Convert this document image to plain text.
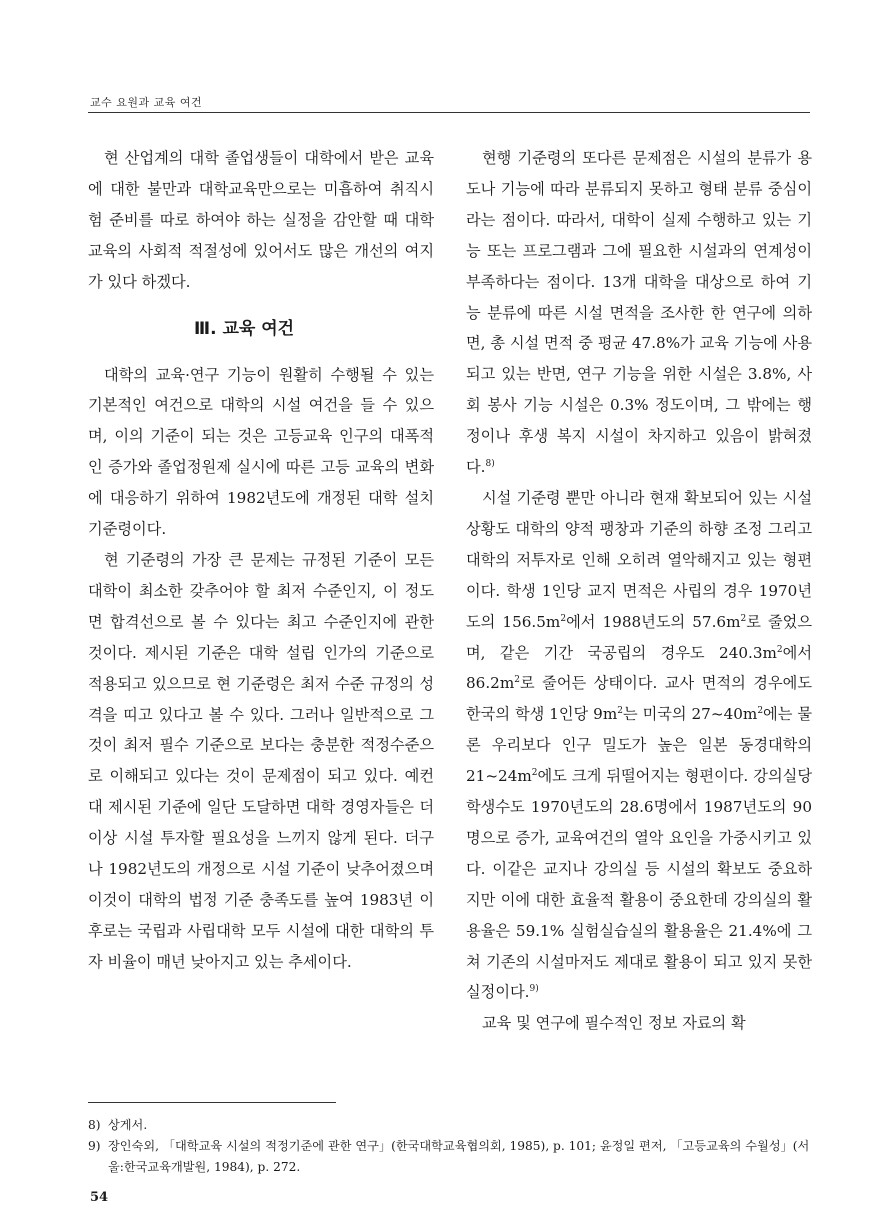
교수 요원과 교육 여건

현 산업계의 대학 졸업생들이 대학에서 받은 교육에 대한 불만과 대학교육만으로는 미흡하여 취직시험 준비를 따로 하여야 하는 실정을 감안할 때 대학교육의 사회적 적절성에 있어서도 많은 개선의 여지가 있다 하겠다.

Ⅲ. 교육 여건

대학의 교육·연구 기능이 원활히 수행될 수 있는 기본적인 여건으로 대학의 시설 여건을 들 수 있으며, 이의 기준이 되는 것은 고등교육 인구의 대폭적인 증가와 졸업정원제 실시에 따른 고등 교육의 변화에 대응하기 위하여 1982년도에 개정된 대학 설치 기준령이다.

현 기준령의 가장 큰 문제는 규정된 기준이 모든 대학이 최소한 갖추어야 할 최저 수준인지, 이 정도면 합격선으로 볼 수 있다는 최고 수준인지에 관한 것이다. 제시된 기준은 대학 설립 인가의 기준으로 적용되고 있으므로 현 기준령은 최저 수준 규정의 성격을 띠고 있다고 볼 수 있다. 그러나 일반적으로 그 것이 최저 필수 기준으로 보다는 충분한 적정수준으로 이해되고 있다는 것이 문제점이 되고 있다. 예컨대 제시된 기준에 일단 도달하면 대학 경영자들은 더 이상 시설 투자할 필요성을 느끼지 않게 된다. 더구나 1982년도의 개정으로 시설 기준이 낮추어졌으며 이것이 대학의 법정 기준 충족도를 높여 1983년 이후로는 국립과 사립대학 모두 시설에 대한 대학의 투자 비율이 매년 낮아지고 있는 추세이다.

현행 기준령의 또다른 문제점은 시설의 분류가 용도나 기능에 따라 분류되지 못하고 형태 분류 중심이라는 점이다. 따라서, 대학이 실제 수행하고 있는 기능 또는 프로그램과 그에 필요한 시설과의 연계성이 부족하다는 점이다. 13개 대학을 대상으로 하여 기능 분류에 따른 시설 면적을 조사한 한 연구에 의하면, 총 시설 면적 중 평균 47.8%가 교육 기능에 사용되고 있는 반면, 연구 기능을 위한 시설은 3.8%, 사회 봉사 기능 시설은 0.3% 정도이며, 그 밖에는 행정이나 후생 복지 시설이 차지하고 있음이 밝혀졌다.$^{8)}$

시설 기준령 뿐만 아니라 현재 확보되어 있는 시설 상황도 대학의 양적 팽창과 기준의 하향 조정 그리고 대학의 저투자로 인해 오히려 열악해지고 있는 형편이다. 학생 1인당 교지 면적은 사립의 경우 1970년도의 $156.5m^2$에서 1988년도의 $57.6m^2$로 줄었으며, 같은 기간 국공립의 경우도 $240.3m^2$에서 $86.2m^2$로 줄어든 상태이다. 교사 면적의 경우에도 한국의 학생 1인당 $9m^2$는 미국의 $27\sim 40m^2$에는 물론 우리보다 인구 밀도가 높은 일본 동경대학의 $21\sim 24m^2$에도 크게 뒤떨어지는 형편이다. 강의실당 학생수도 1970년도의 28.6명에서 1987년도의 90명으로 증가, 교육여건의 열악 요인을 가중시키고 있다. 이같은 교지나 강의실 등 시설의 확보도 중요하지만 이에 대한 효율적 활용이 중요한데 강의실의 활용율은 59.1% 실험실습실의 활용율은 21.4%에 그쳐 기존의 시설마저도 제대로 활용이 되고 있지 못한 실정이다.$^{9)}$

교육 및 연구에 필수적인 정보 자료의 확

8) 상게서.
9) 장인숙외, 「대학교육 시설의 적정기준에 관한 연구」(한국대학교육협의회, 1985), p. 101; 윤정일 편저, 「고등교육의 수월성」(서울:한국교육개발원, 1984), p. 272.
54
